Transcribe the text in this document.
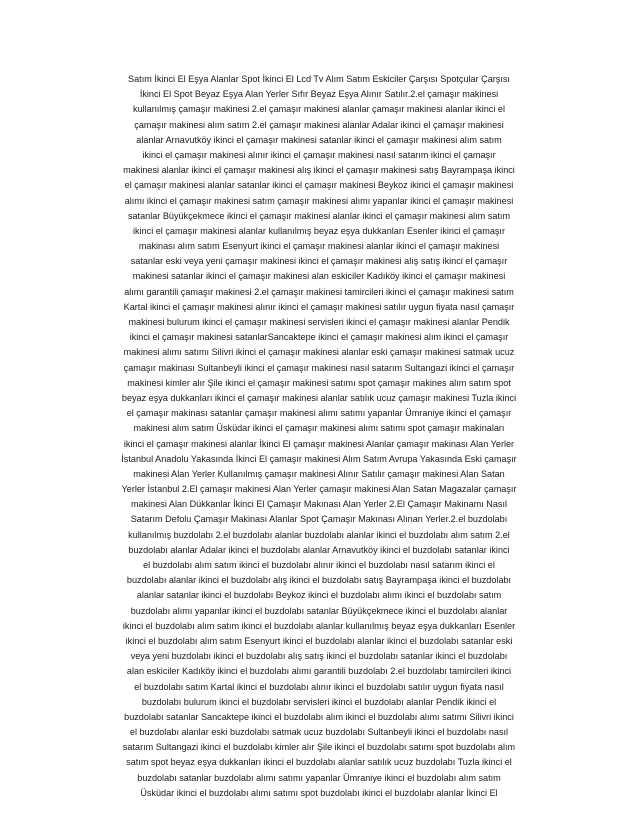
Satım İkinci El Eşya Alanlar Spot İkinci El Lcd Tv Alım Satım Eskiciler Çarşısı Spotçular Çarşısı
İkinci El Spot Beyaz Eşya Alan Yerler Sıfır Beyaz Eşya Alınır Satılır.2.el çamaşır makinesi
kullanılmış çamaşır makinesi 2.el çamaşır makinesi alanlar çamaşır makinesi alanlar ikinci el
çamaşır makinesi alım satım 2.el çamaşır makinesi alanlar Adalar ikinci el çamaşır makinesi
alanlar Arnavutköy ikinci el çamaşır makinesi satanlar ikinci el çamaşır makinesi alım satım
ikinci el çamaşır makinesi alınır ikinci el çamaşır makinesi nasıl satarım ikinci el çamaşır
makinesi alanlar ikinci el çamaşır makinesi alış ikinci el çamaşır makinesi satış Bayrampaşa ikinci
el çamaşır makinesi alanlar satanlar ikinci el çamaşır makinesi Beykoz ikinci el çamaşır makinesi
alımı ikinci el çamaşır makinesi satım çamaşır makinesi alımı yapanlar ikinci el çamaşır makinesi
satanlar Büyükçekmece ikinci el çamaşır makinesi alanlar ikinci el çamaşır makinesi alım satım
ikinci el çamaşır makinesi alanlar kullanılmış beyaz eşya dukkanları Esenler ikinci el çamaşır
makinası alım satım Esenyurt ikinci el çamaşır makinesi alanlar ikinci el çamaşır makinesi
satanlar eski veya yeni çamaşır makinesi ikinci el çamaşır makinesi alış satış ikinci el çamaşır
makinesi satanlar ikinci el çamaşır makinesi alan eskiciler Kadıköy ikinci el çamaşır makinesi
alımı garantili çamaşır makinesi 2.el çamaşır makinesi tamircileri ikinci el çamaşır makinesi satım
Kartal ikinci el çamaşır makinesi alınır ikinci el çamaşır makinesi satılır uygun fiyata nasıl çamaşır
makinesi bulurum ikinci el çamaşır makinesi servisleri ikinci el çamaşır makinesi alanlar Pendik
ikinci el çamaşır makinesi satanlarSancaktepe ikinci el çamaşır makinesi alım ikinci el çamaşır
makinesi alımı satımı Silivri ikinci el çamaşır makinesi alanlar eski çamaşır makinesi satmak ucuz
çamaşır makinası Sultanbeyli ikinci el çamaşır makinesi nasıl satarım Sultangazi ikinci el çamaşır
makinesi kimler alır Şile ikinci el çamaşır makinesi satımı spot çamaşır makines alım satım spot
beyaz eşya dukkanları ikinci el çamaşır makinesi alanlar satılık ucuz çamaşır makinesi Tuzla ikinci
el çamaşır makinası satanlar çamaşır makinesi alımı satımı yapanlar Ümraniye ikinci el çamaşır
makinesi alım satım Üsküdar ikinci el çamaşır makinesi alımı satımı spot çamaşır makinaları
ikinci el çamaşır makinesi alanlar İkinci El çamaşır makinesi Alanlar çamaşır makinası Alan Yerler
İstanbul Anadolu Yakasında İkinci El çamaşır makinesi Alım Satım Avrupa Yakasında Eski çamaşır
makinesi Alan Yerler Kullanılmış çamaşır makinesi Alınır Satılır çamaşır makinesi Alan Satan
Yerler İstanbul 2.El çamaşır makinesi Alan Yerler çamaşır makinesi Alan Satan Magazalar çamaşır
makinesi Alan Dükkanlar İkinci El Çamaşır Makınası Alan Yerler 2.El Çamaşır Makinamı Nasıl
Satarım Defolu Çamaşır Makinası Alanlar Spot Çamaşır Makınası Alınan Yerler.2.el buzdolabı
kullanılmış buzdolabı 2.el buzdolabı alanlar buzdolabı alanlar ikinci el buzdolabı alım satım 2.el
buzdolabı alanlar Adalar ikinci el buzdolabı alanlar Arnavutköy ikinci el buzdolabı satanlar ikinci
el buzdolabı alım satım ikinci el buzdolabı alınır ikinci el buzdolabı nasıl satarım ikinci el
buzdolabı alanlar ikinci el buzdolabı alış ikinci el buzdolabı satış Bayrampaşa ikinci el buzdolabı
alanlar satanlar ikinci el buzdolabı Beykoz ikinci el buzdolabı alımı ikinci el buzdolabı satım
buzdolabı alımı yapanlar ikinci el buzdolabı satanlar Büyükçekmece ikinci el buzdolabı alanlar
ikinci el buzdolabı alım satım ikinci el buzdolabı alanlar kullanılmış beyaz eşya dukkanları Esenler
ikinci el buzdolabı alım satım Esenyurt ikinci el buzdolabı alanlar ikinci el buzdolabı satanlar eski
veya yeni buzdolabı ikinci el buzdolabı alış satış ikinci el buzdolabı satanlar ikinci el buzdolabı
alan eskiciler Kadıköy ikinci el buzdolabı alımı garantili buzdolabı 2.el buzdolabı tamircileri ikinci
el buzdolabı satım Kartal ikinci el buzdolabı alınır ikinci el buzdolabı satılır uygun fiyata nasıl
buzdolabı bulurum ikinci el buzdolabı servisleri ikinci el buzdolabı alanlar Pendik ikinci el
buzdolabı satanlar Sancaktepe ikinci el buzdolabı alım ikinci el buzdolabı alımı satımı Silivri ikinci
el buzdolabı alanlar eski buzdolabı satmak ucuz buzdolabı Sultanbeyli ikinci el buzdolabı nasıl
satarım Sultangazi ikinci el buzdolabı kimler alır Şile ikinci el buzdolabı satımı spot buzdolabı alım
satım spot beyaz eşya dukkanları ikinci el buzdolabı alanlar satılık ucuz buzdolabı Tuzla ikinci el
buzdolabı satanlar buzdolabı alımı satımı yapanlar Ümraniye ikinci el buzdolabı alım satım
Üsküdar ikinci el buzdolabı alımı satımı spot buzdolabı ikinci el buzdolabı alanlar İkinci El
